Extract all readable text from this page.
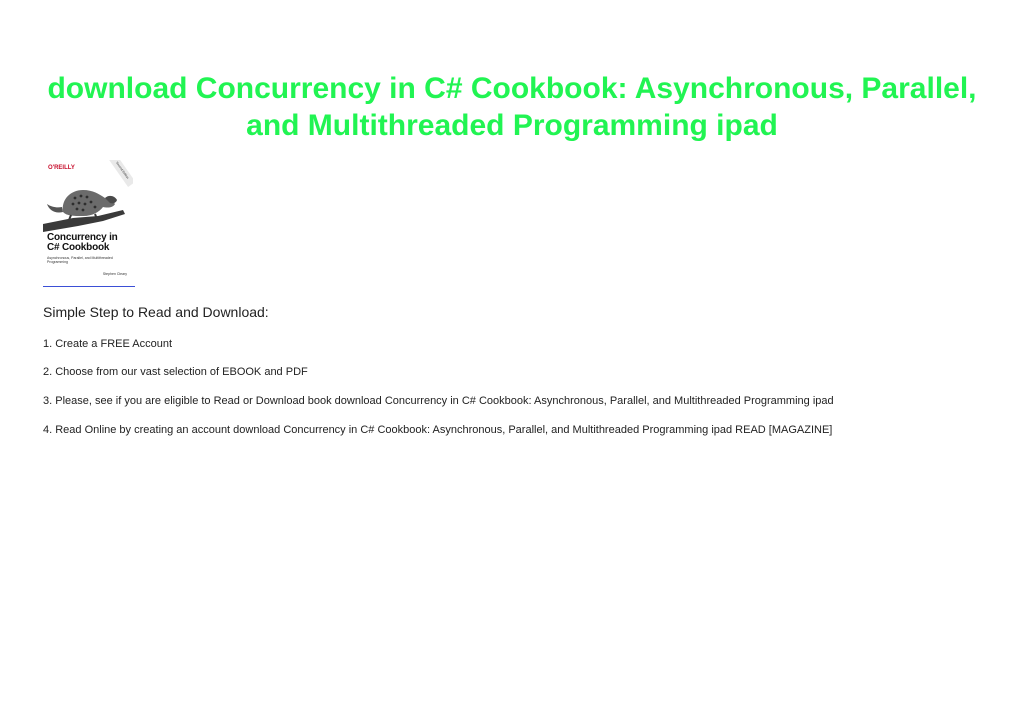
download Concurrency in C# Cookbook: Asynchronous, Parallel, and Multithreaded Programming ipad
O'REILLY	Second Edition
Concurrency in
C# Cookbook
Asynchronous, Parallel, and Multithreaded Programming
Stephen Cleary

Simple Step to Read and Download:

1. Create a FREE Account

2. Choose from our vast selection of EBOOK and PDF

3. Please, see if you are eligible to Read or Download book download Concurrency in C# Cookbook: Asynchronous, Parallel, and Multithreaded Programming ipad

4. Read Online by creating an account download Concurrency in C# Cookbook: Asynchronous, Parallel, and Multithreaded Programming ipad READ [MAGAZINE]
